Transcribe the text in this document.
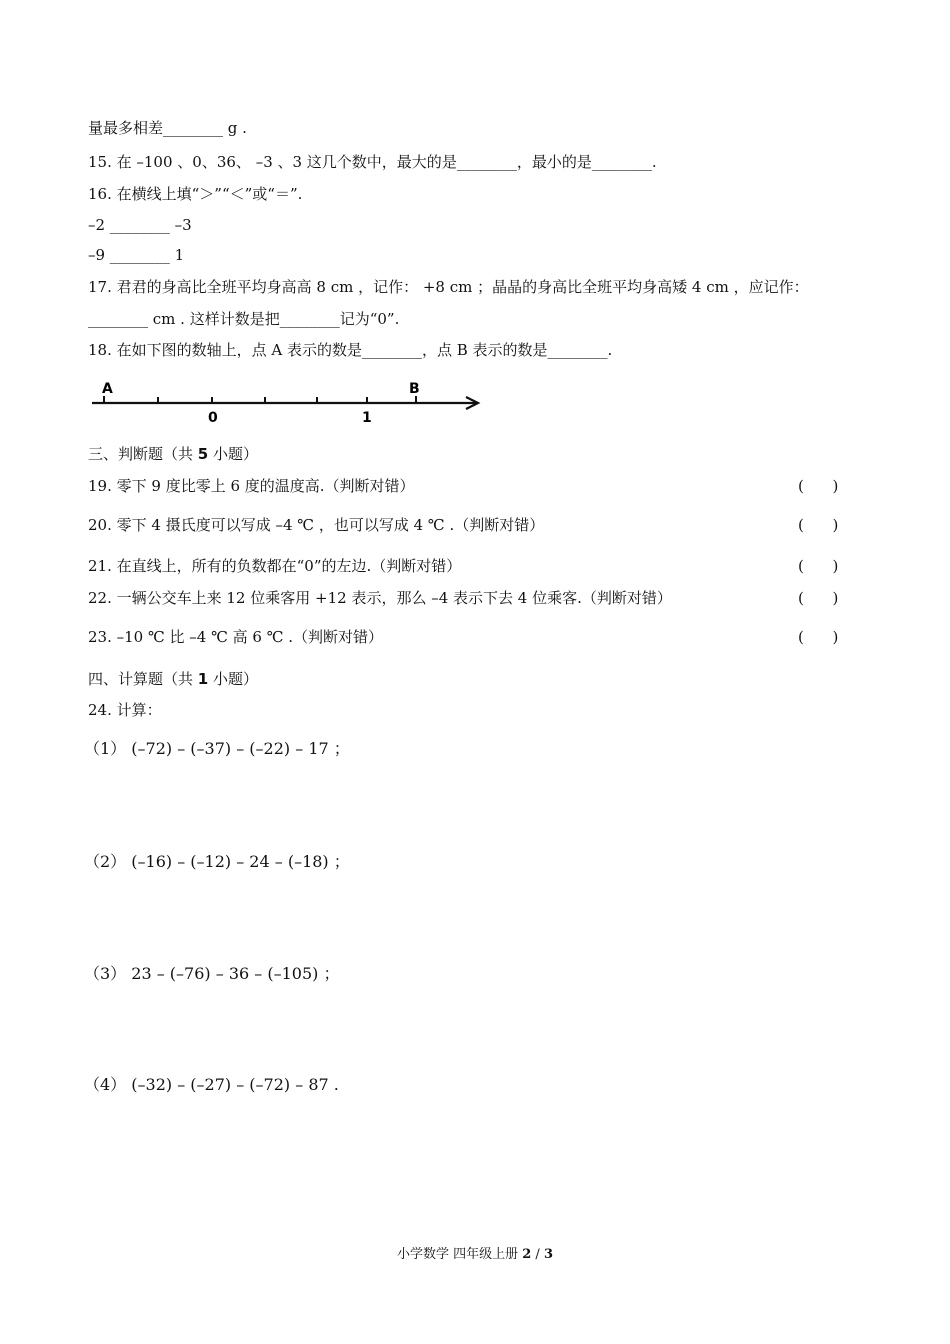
量最多相差________ g .
15. 在 –100 、0、36、 –3 、3 这几个数中，最大的是________，最小的是________.
16. 在横线上填“＞”“＜”或“＝”.
–2 ________ –3
–9 ________ 1
17. 君君的身高比全班平均身高高 8 cm ，记作： +8 cm ；晶晶的身高比全班平均身高矮 4 cm ，应记作：
________ cm . 这样计数是把________记为“0”.
18. 在如下图的数轴上，点 A 表示的数是________，点 B 表示的数是________.
A	B
0	1
三、判断题（共 5 小题）
19. 零下 9 度比零上 6 度的温度高.（判断对错）	(      )
20. 零下 4 摄氏度可以写成 –4 ℃ ，也可以写成 4 ℃ .（判断对错）	(      )
21. 在直线上，所有的负数都在“0”的左边.（判断对错）	(      )
22. 一辆公交车上来 12 位乘客用 +12 表示，那么 –4 表示下去 4 位乘客.（判断对错）	(      )
23. –10 ℃ 比 –4 ℃ 高 6 ℃ .（判断对错）	(      )
四、计算题（共 1 小题）
24. 计算：
（1） (–72) – (–37) – (–22) – 17 ；
（2） (–16) – (–12) – 24 – (–18) ；
（3） 23 – (–76) – 36 – (–105) ；
（4） (–32) – (–27) – (–72) – 87 .
小学数学 四年级上册 2 / 3
